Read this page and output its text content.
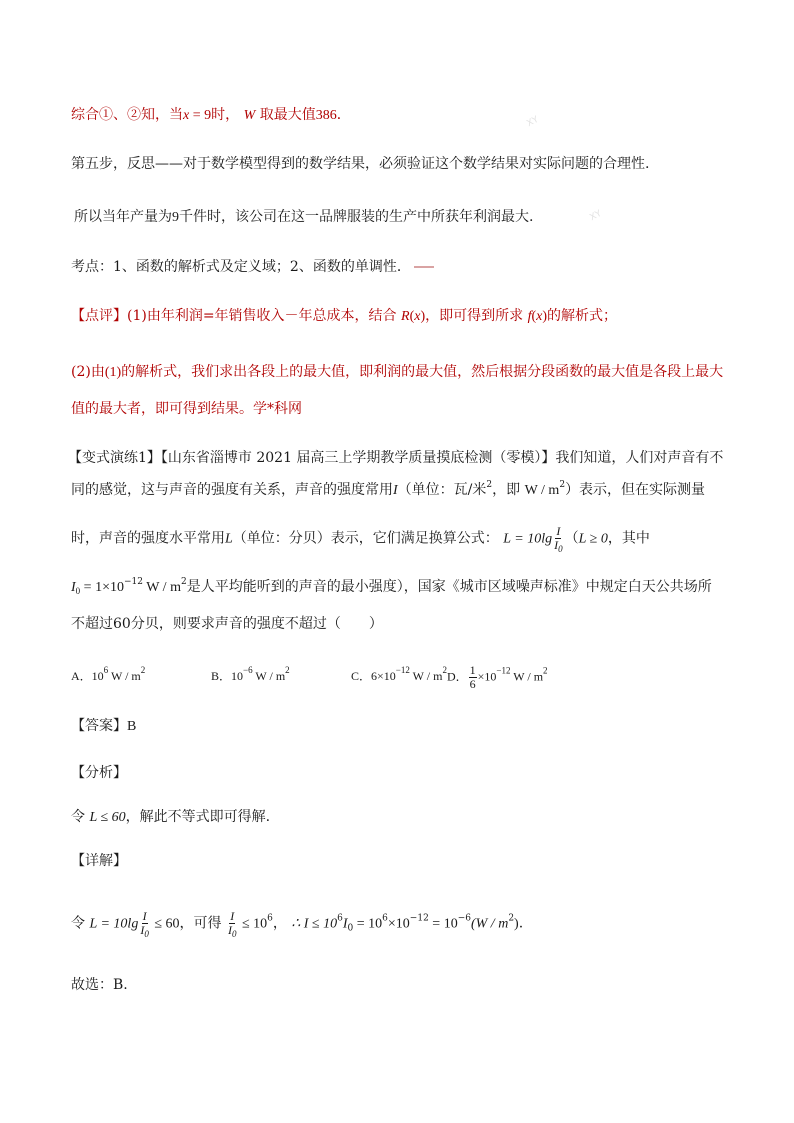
XY
XY
综合①、②知，当x = 9时， W 取最大值386．
第五步，反思——对于数学模型得到的数学结果，必须验证这个数学结果对实际问题的合理性.
所以当年产量为9千件时，该公司在这一品牌服装的生产中所获年利润最大.
考点：1、函数的解析式及定义域；2、函数的单调性．
【点评】(1)由年利润=年销售收入－年总成本，结合 R(x)，即可得到所求 f(x)的解析式；
(2)由(1)的解析式，我们求出各段上的最大值，即利润的最大值，然后根据分段函数的最大值是各段上最大
值的最大者，即可得到结果。学*科网
【变式演练1】【山东省淄博市 2021 届高三上学期教学质量摸底检测（零模）】我们知道，人们对声音有不
同的感觉，这与声音的强度有关系，声音的强度常用I（单位：瓦/米$^2$，即 W / $m^2$）表示，但在实际测量
时，声音的强度水平常用L（单位：分贝）表示，它们满足换算公式： $L = 10\lg \frac{I}{I_0} (L \ge 0$，其中
$I_0 = 1\times 10^{-12}$ W / $m^2$是人平均能听到的声音的最小强度），国家《城市区域噪声标准》中规定白天公共场所
不超过60分贝，则要求声音的强度不超过（　　）
A．$10^6$ W / $m^2$	B．$10^{-6}$ W / $m^2$	C．$6\times 10^{-12}$ W / $m^2D$． $\frac{1}{6} \times 10^{-12}$ W / $m^2$
【答案】B
【分析】
令 L ≤ 60，解此不等式即可得解.
【详解】
令 $L = 10\lg \frac{I}{I_0} \le 60$，可得 $\frac{I}{I_0} \le 10^6$， ∴ $I \le 10^6I_0 = 10^6\times 10^{-12} = 10^{-6}(W / m^2)$.
故选：B.
